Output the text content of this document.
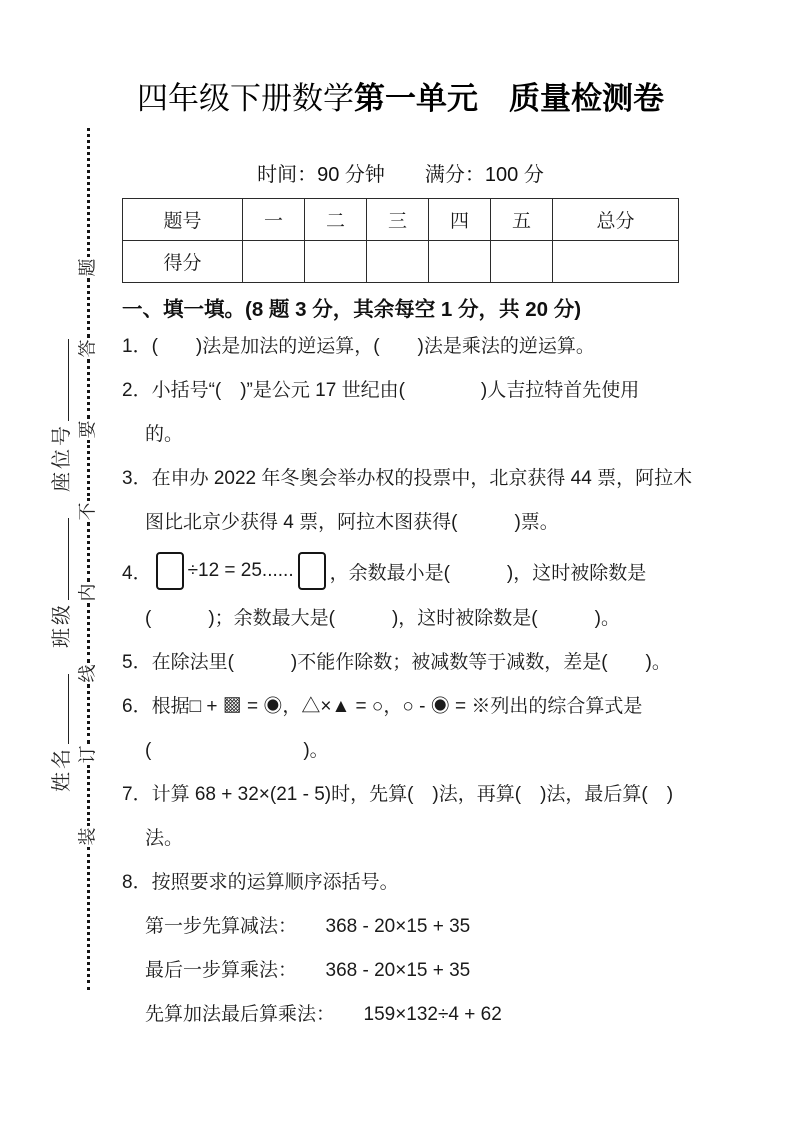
题
答
要
不
内
线
订
装
姓名
班级
座位号
四年级下册数学第一单元　质量检测卷
时间：90 分钟　　满分：100 分
题号	一	二	三	四	五	总分
得分						
一、填一填。(8 题 3 分，其余每空 1 分，共 20 分)
1．(　　)法是加法的逆运算，(　　)法是乘法的逆运算。
2．小括号“(　)”是公元 17 世纪由(　　　　)人吉拉特首先使用
的。
3．在申办 2022 年冬奥会举办权的投票中，北京获得 44 票，阿拉木
图比北京少获得 4 票，阿拉木图获得(　　　)票。
4． ÷12 = 25...... ，余数最小是(　　　)，这时被除数是
(　　　)；余数最大是(　　　)，这时被除数是(　　　)。
5．在除法里(　　　)不能作除数；被减数等于减数，差是(　　)。
6．根据□ + ▩ = ◉，△×▲ = ○，○ - ◉ = ※列出的综合算式是
(　　　　　　　　)。
7．计算 68 + 32×(21 - 5)时，先算(　)法，再算(　)法，最后算(　)
法。
8．按照要求的运算顺序添括号。
第一步先算减法：　　368 - 20×15 + 35
最后一步算乘法：　　368 - 20×15 + 35
先算加法最后算乘法：　　159×132÷4 + 62
